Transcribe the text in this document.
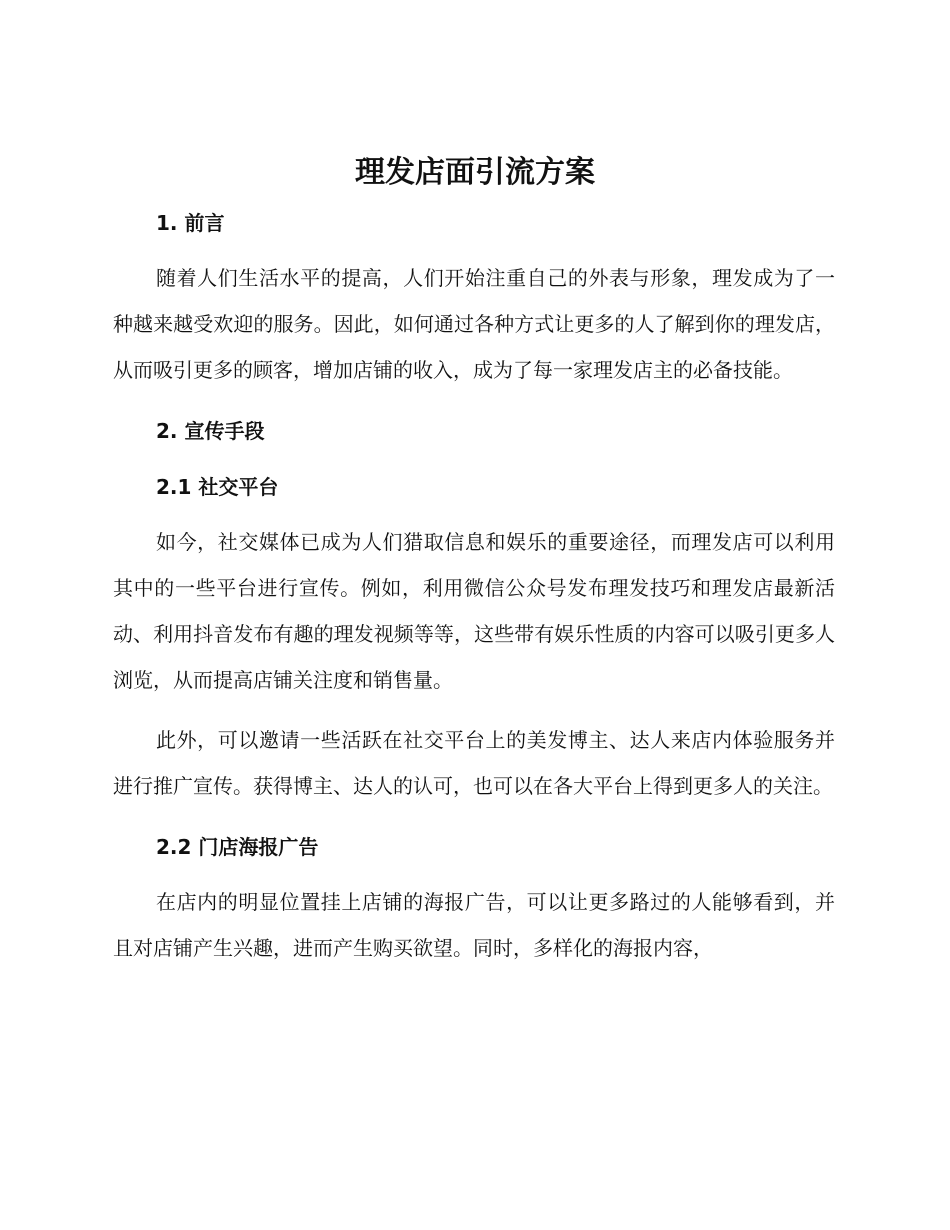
理发店面引流方案
1. 前言

随着人们生活水平的提高，人们开始注重自己的外表与形象，理发成为了一种越来越受欢迎的服务。因此，如何通过各种方式让更多的人了解到你的理发店，从而吸引更多的顾客，增加店铺的收入，成为了每一家理发店主的必备技能。

2. 宣传手段
2.1 社交平台

如今，社交媒体已成为人们猎取信息和娱乐的重要途径，而理发店可以利用其中的一些平台进行宣传。例如，利用微信公众号发布理发技巧和理发店最新活动、利用抖音发布有趣的理发视频等等，这些带有娱乐性质的内容可以吸引更多人浏览，从而提高店铺关注度和销售量。

此外，可以邀请一些活跃在社交平台上的美发博主、达人来店内体验服务并进行推广宣传。获得博主、达人的认可，也可以在各大平台上得到更多人的关注。

2.2 门店海报广告

在店内的明显位置挂上店铺的海报广告，可以让更多路过的人能够看到，并且对店铺产生兴趣，进而产生购买欲望。同时，多样化的海报内容，
